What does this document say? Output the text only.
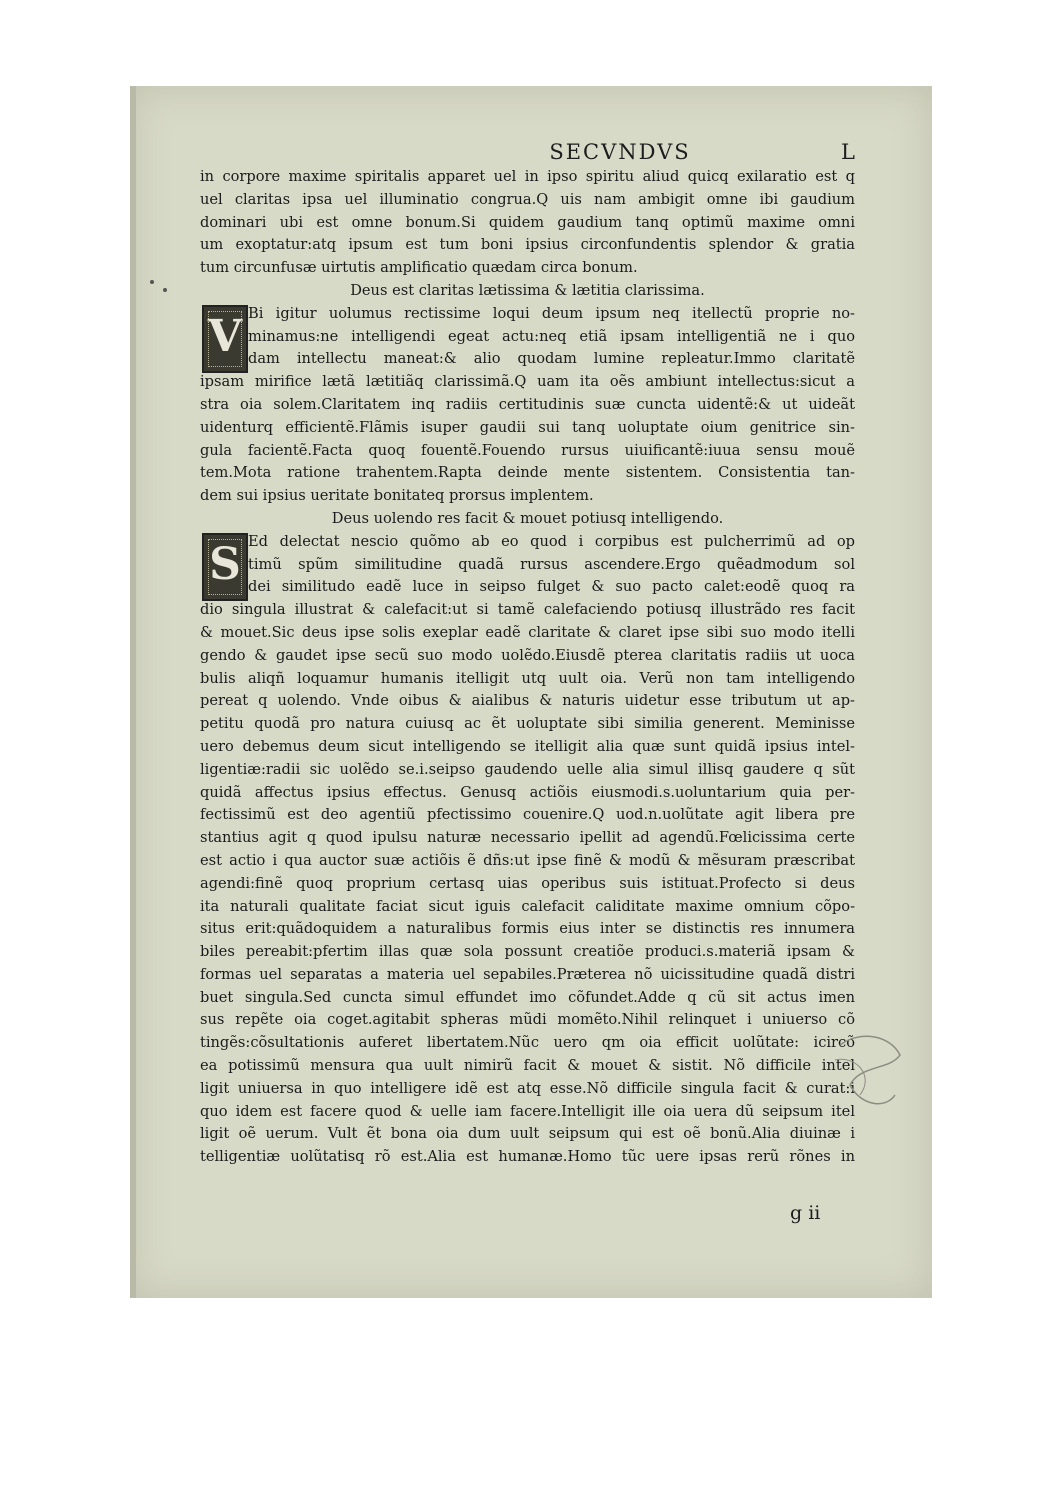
SECVNDVS	L
in corpore maxime spiritalis apparet uel in ipso spiritu aliud quicq exilaratio est q
uel claritas ipsa uel illuminatio congrua.Q uis nam ambigit omne ibi gaudium
dominari ubi est omne bonum.Si quidem gaudium tanq optimũ maxime omni
um exoptatur:atq ipsum est tum boni ipsius circonfundentis splendor & gratia
tum circunfusæ uirtutis amplificatio quædam circa bonum.
Deus est claritas lætissima & lætitia clarissima.
Bi igitur uolumus rectissime loqui deum ipsum neq itellectũ proprie no-
V minamus:ne intelligendi egeat actu:neq etiã ipsam intelligentiã ne i quo
dam intellectu maneat:& alio quodam lumine repleatur.Immo claritatẽ
ipsam mirifice lætã lætitiãq clarissimã.Q uam ita oẽs ambiunt intellectus:sicut a
stra oia solem.Claritatem inq radiis certitudinis suæ cuncta uidentẽ:& ut uideãt
uidenturq efficientẽ.Flãmis isuper gaudii sui tanq uoluptate oium genitrice sin-
gula facientẽ.Facta quoq fouentẽ.Fouendo rursus uiuificantẽ:iuua sensu mouẽ
tem.Mota ratione trahentem.Rapta deinde mente sistentem. Consistentia tan-
dem sui ipsius ueritate bonitateq prorsus implentem.
Deus uolendo res facit & mouet potiusq intelligendo.
Ed delectat nescio quõmo ab eo quod i corpibus est pulcherrimũ ad op
S timũ spũm similitudine quadã rursus ascendere.Ergo quẽadmodum sol
dei similitudo eadẽ luce in seipso fulget & suo pacto calet:eodẽ quoq ra
dio singula illustrat & calefacit:ut si tamẽ calefaciendo potiusq illustrãdo res facit
& mouet.Sic deus ipse solis exeplar eadẽ claritate & claret ipse sibi suo modo itelli
gendo & gaudet ipse secũ suo modo uolẽdo.Eiusdẽ pterea claritatis radiis ut uoca
bulis aliqñ loquamur humanis itelligit utq uult oia. Verũ non tam intelligendo
pereat q uolendo. Vnde oibus & aialibus & naturis uidetur esse tributum ut ap-
petitu quodã pro natura cuiusq ac ẽt uoluptate sibi similia generent. Meminisse
uero debemus deum sicut intelligendo se itelligit alia quæ sunt quidã ipsius intel-
ligentiæ:radii sic uolẽdo se.i.seipso gaudendo uelle alia simul illisq gaudere q sũt
quidã affectus ipsius effectus. Genusq actiõis eiusmodi.s.uoluntarium quia per-
fectissimũ est deo agentiũ pfectissimo couenire.Q uod.n.uolũtate agit libera pre
stantius agit q quod ipulsu naturæ necessario ipellit ad agendũ.Fœlicissima certe
est actio i qua auctor suæ actiõis ẽ dñs:ut ipse finẽ & modũ & mẽsuram præscribat
agendi:finẽ quoq proprium certasq uias operibus suis istituat.Profecto si deus
ita naturali qualitate faciat sicut iguis calefacit caliditate maxime omnium cõpo-
situs erit:quãdoquidem a naturalibus formis eius inter se distinctis res innumera
biles pereabit:pfertim illas quæ sola possunt creatiõe produci.s.materiã ipsam &
formas uel separatas a materia uel sepabiles.Præterea nõ uicissitudine quadã distri
buet singula.Sed cuncta simul effundet imo cõfundet.Adde q cũ sit actus imen
sus repẽte oia coget.agitabit spheras mũdi momẽto.Nihil relinquet i uniuerso cõ
tingẽs:cõsultationis auferet libertatem.Nũc uero qm oia efficit uolũtate: icircõ
ea potissimũ mensura qua uult nimirũ facit & mouet & sistit. Nõ difficile intel
ligit uniuersa in quo intelligere idẽ est atq esse.Nõ difficile singula facit & curat:i
quo idem est facere quod & uelle iam facere.Intelligit ille oia uera dũ seipsum itel
ligit oẽ uerum. Vult ẽt bona oia dum uult seipsum qui est oẽ bonũ.Alia diuinæ i
telligentiæ uolũtatisq rõ est.Alia est humanæ.Homo tũc uere ipsas rerũ rõnes in
g ii
